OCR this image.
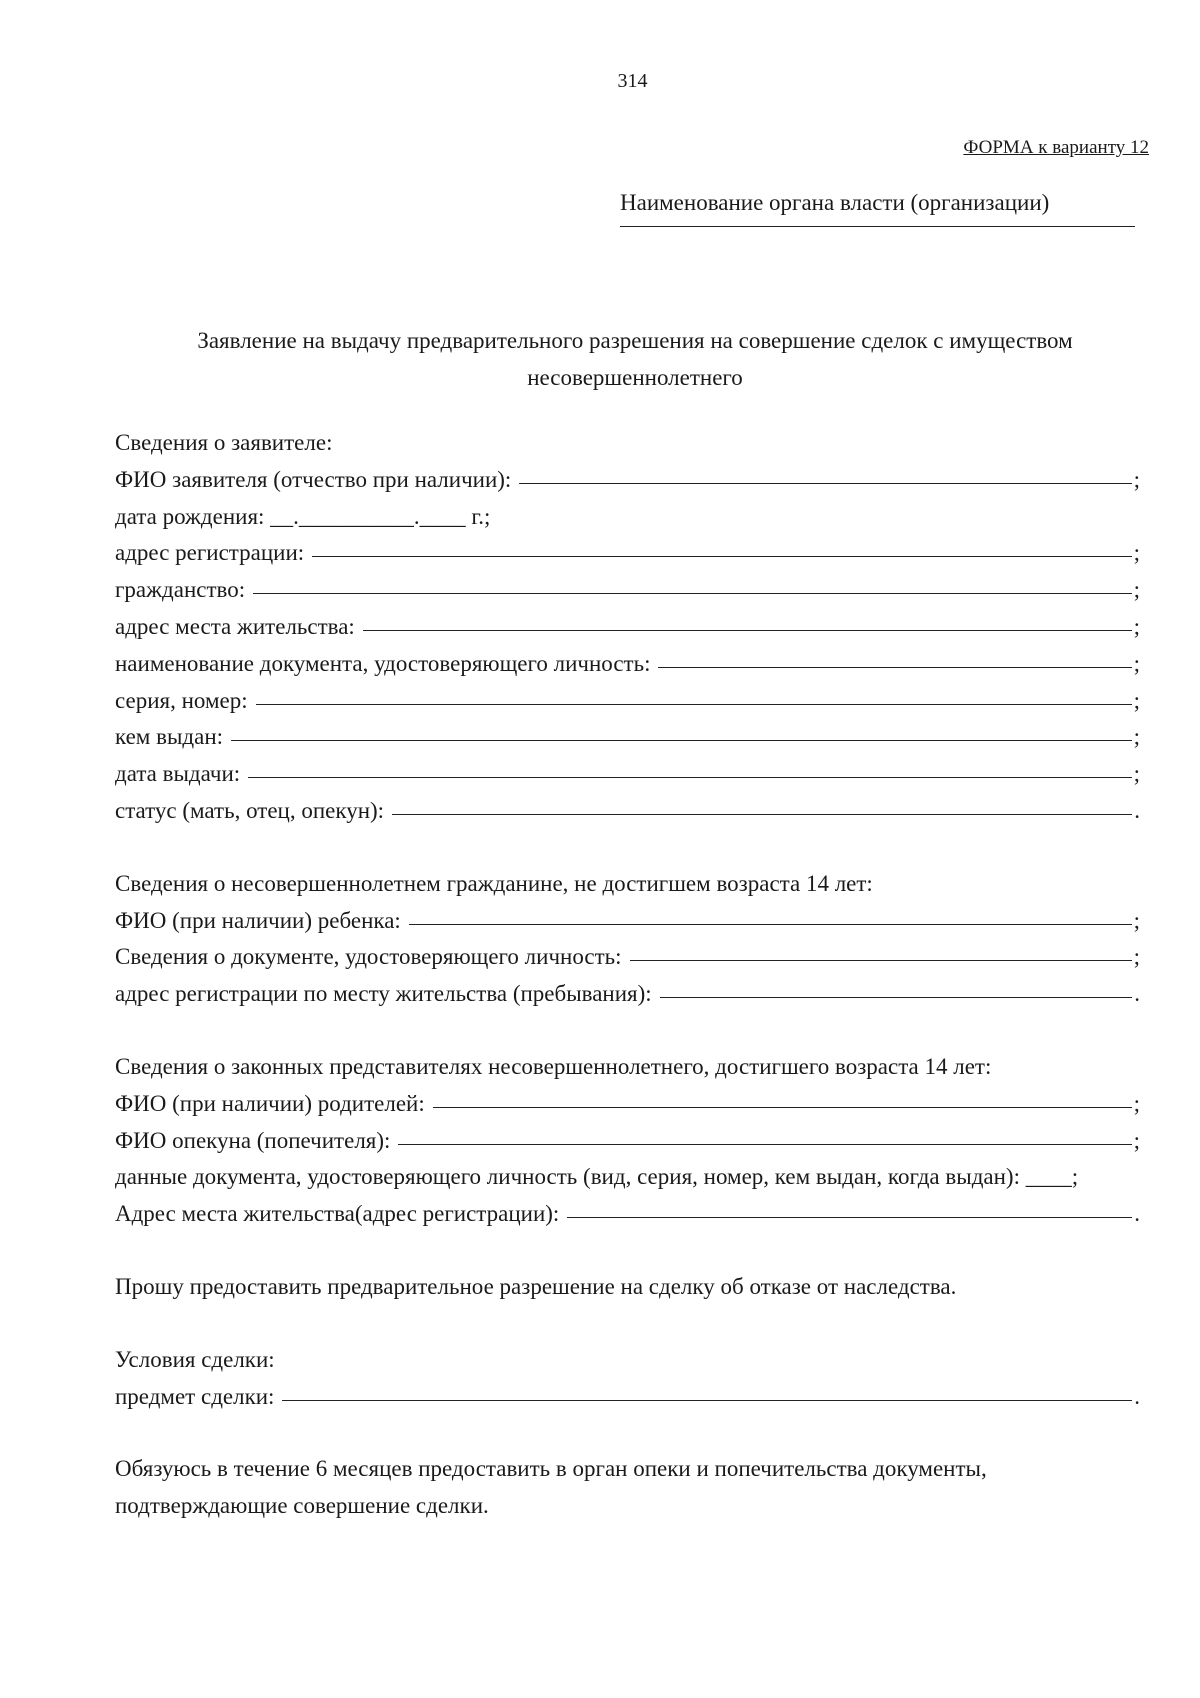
314
ФОРМА к варианту 12
Наименование органа власти (организации)
Заявление на выдачу предварительного разрешения на совершение сделок с имуществом несовершеннолетнего
Сведения о заявителе:
ФИО заявителя (отчество при наличии):	;
дата рождения: __.__________.____ г.;
адрес регистрации:	;
гражданство:	;
адрес места жительства:	;
наименование документа, удостоверяющего личность:	;
серия, номер:	;
кем выдан:	;
дата выдачи:	;
статус (мать, отец, опекун):	.
Сведения о несовершеннолетнем гражданине, не достигшем возраста 14 лет:
ФИО (при наличии) ребенка:	;
Сведения о документе, удостоверяющего личность:	;
адрес регистрации по месту жительства (пребывания):	.
Сведения о законных представителях несовершеннолетнего, достигшего возраста 14 лет:
ФИО (при наличии) родителей:	;
ФИО опекуна (попечителя):	;
данные документа, удостоверяющего личность (вид, серия, номер, кем выдан, когда выдан): ____;
Адрес места жительства(адрес регистрации):	.
Прошу предоставить предварительное разрешение на сделку об отказе от наследства.
Условия сделки:
предмет сделки:	.
Обязуюсь в течение 6 месяцев предоставить в орган опеки и попечительства документы,
подтверждающие совершение сделки.
